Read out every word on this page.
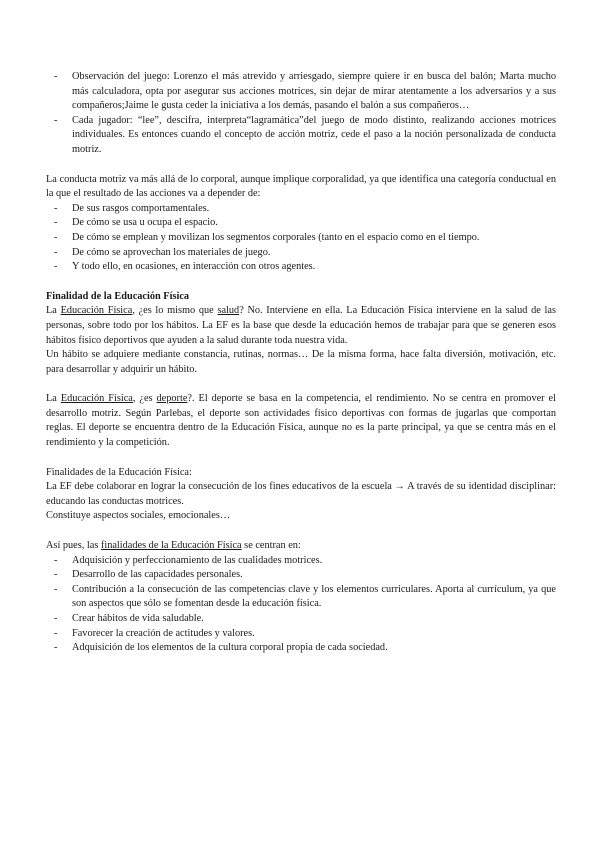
- Observación del juego: Lorenzo el más atrevido y arriesgado, siempre quiere ir en busca del balón; Marta mucho más calculadora, opta por asegurar sus acciones motrices, sin dejar de mirar atentamente a los adversarios y a sus compañeros;Jaime le gusta ceder la iniciativa a los demás, pasando el balón a sus compañeros…
- Cada jugador: “lee”, descifra, interpreta“lagramática”del juego de modo distinto, realizando acciones motrices individuales. Es entonces cuando el concepto de acción motriz, cede el paso a la noción personalizada de conducta motriz.

La conducta motriz va más allá de lo corporal, aunque implique corporalidad, ya que identifica una categoría conductual en la que el resultado de las acciones va a depender de:

- De sus rasgos comportamentales.
- De cómo se usa u ocupa el espacio.
- De cómo se emplean y movilizan los segmentos corporales (tanto en el espacio como en el tiempo.
- De cómo se aprovechan los materiales de juego.
- Y todo ello, en ocasiones, en interacción con otros agentes.

Finalidad de la Educación Física

La Educación Física, ¿es lo mismo que salud? No. Interviene en ella. La Educación Física interviene en la salud de las personas, sobre todo por los hábitos. La EF es la base que desde la educación hemos de trabajar para que se generen esos hábitos físico deportivos que ayuden a la salud durante toda nuestra vida.

Un hábito se adquiere mediante constancia, rutinas, normas… De la misma forma, hace falta diversión, motivación, etc. para desarrollar y adquirir un hábito.

La Educación Física, ¿es deporte?. El deporte se basa en la competencia, el rendimiento. No se centra en promover el desarrollo motriz. Según Parlebas, el deporte son actividades físico deportivas con formas de jugarlas que comportan reglas. El deporte se encuentra dentro de la Educación Física, aunque no es la parte principal, ya que se centra más en el rendimiento y la competición.

Finalidades de la Educación Física:

La EF debe colaborar en lograr la consecución de los fines educativos de la escuela → A través de su identidad disciplinar: educando las conductas motrices.

Constituye aspectos sociales, emocionales…

Así pues, las finalidades de la Educación Física se centran en:

- Adquisición y perfeccionamiento de las cualidades motrices.
- Desarrollo de las capacidades personales.
- Contribución a la consecución de las competencias clave y los elementos curriculares. Aporta al currículum, ya que son aspectos que sólo se fomentan desde la educación física.
- Crear hábitos de vida saludable.
- Favorecer la creación de actitudes y valores.
- Adquisición de los elementos de la cultura corporal propia de cada sociedad.
